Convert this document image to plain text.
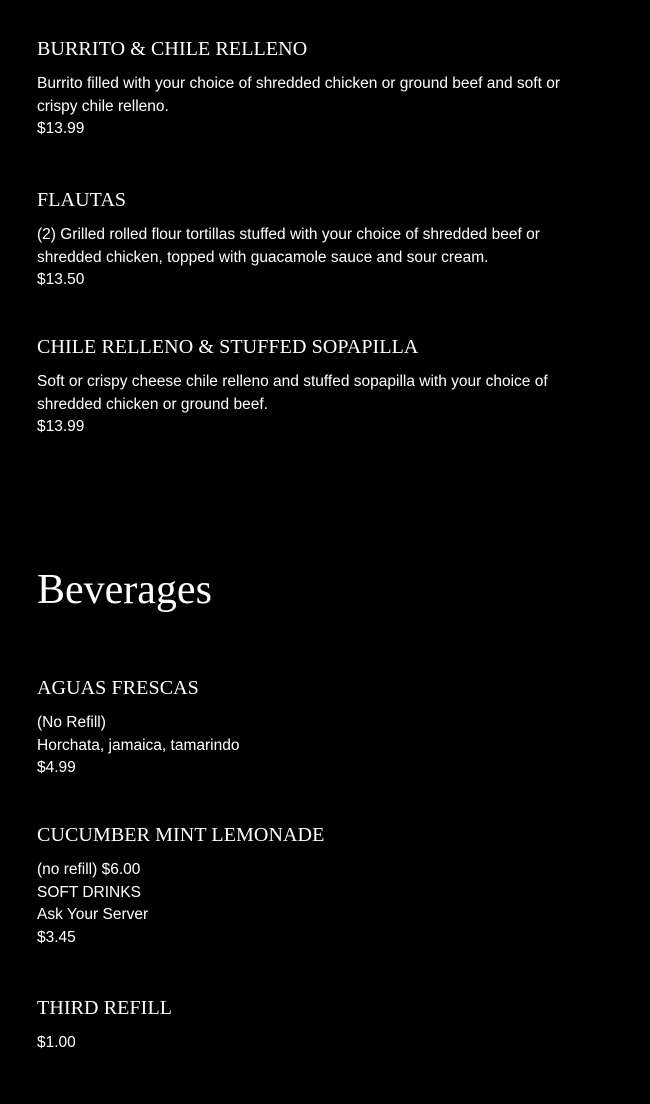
BURRITO & CHILE RELLENO
Burrito filled with your choice of shredded chicken or ground beef and soft or
crispy chile relleno.
$13.99
FLAUTAS
(2) Grilled rolled flour tortillas stuffed with your choice of shredded beef or
shredded chicken, topped with guacamole sauce and sour cream.
$13.50
CHILE RELLENO & STUFFED SOPAPILLA
Soft or crispy cheese chile relleno and stuffed sopapilla with your choice of
shredded chicken or ground beef.
$13.99
Beverages
AGUAS FRESCAS
(No Refill)
Horchata, jamaica, tamarindo
$4.99
CUCUMBER MINT LEMONADE
(no refill) $6.00
SOFT DRINKS
Ask Your Server
$3.45
THIRD REFILL
$1.00
